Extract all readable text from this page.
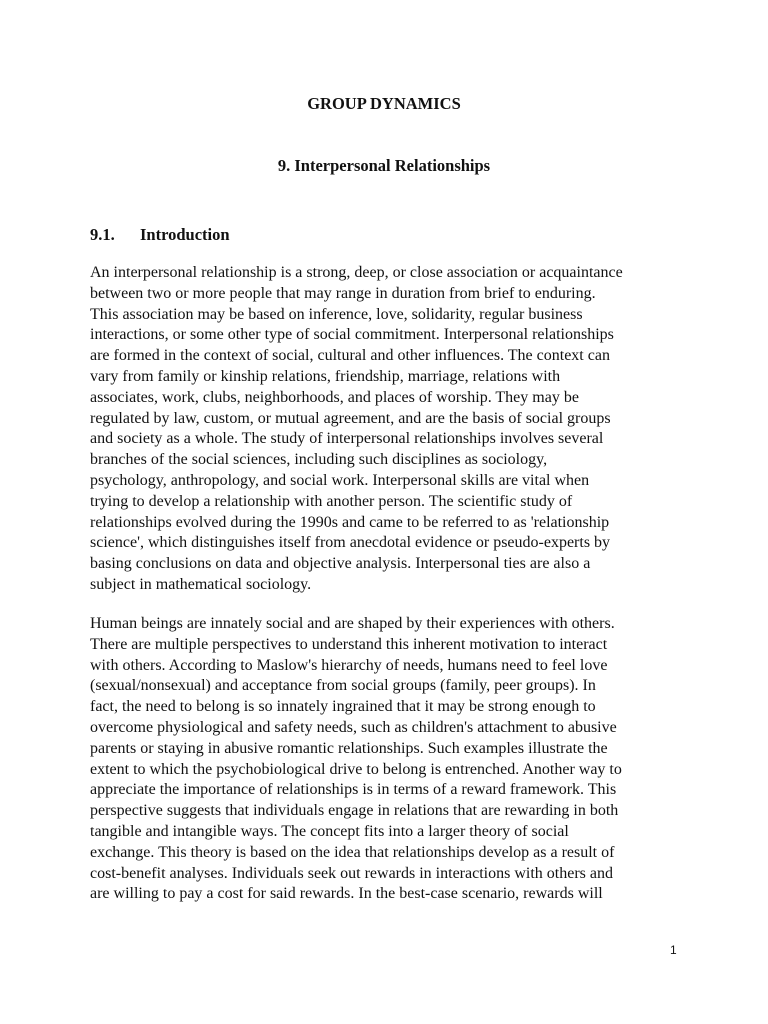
GROUP DYNAMICS
9. Interpersonal Relationships
9.1. Introduction

An interpersonal relationship is a strong, deep, or close association or acquaintance
between two or more people that may range in duration from brief to enduring.
This association may be based on inference, love, solidarity, regular business
interactions, or some other type of social commitment. Interpersonal relationships
are formed in the context of social, cultural and other influences. The context can
vary from family or kinship relations, friendship, marriage, relations with
associates, work, clubs, neighborhoods, and places of worship. They may be
regulated by law, custom, or mutual agreement, and are the basis of social groups
and society as a whole. The study of interpersonal relationships involves several
branches of the social sciences, including such disciplines as sociology,
psychology, anthropology, and social work. Interpersonal skills are vital when
trying to develop a relationship with another person. The scientific study of
relationships evolved during the 1990s and came to be referred to as 'relationship
science', which distinguishes itself from anecdotal evidence or pseudo-experts by
basing conclusions on data and objective analysis. Interpersonal ties are also a
subject in mathematical sociology.

Human beings are innately social and are shaped by their experiences with others.
There are multiple perspectives to understand this inherent motivation to interact
with others. According to Maslow's hierarchy of needs, humans need to feel love
(sexual/nonsexual) and acceptance from social groups (family, peer groups). In
fact, the need to belong is so innately ingrained that it may be strong enough to
overcome physiological and safety needs, such as children's attachment to abusive
parents or staying in abusive romantic relationships. Such examples illustrate the
extent to which the psychobiological drive to belong is entrenched. Another way to
appreciate the importance of relationships is in terms of a reward framework. This
perspective suggests that individuals engage in relations that are rewarding in both
tangible and intangible ways. The concept fits into a larger theory of social
exchange. This theory is based on the idea that relationships develop as a result of
cost-benefit analyses. Individuals seek out rewards in interactions with others and
are willing to pay a cost for said rewards. In the best-case scenario, rewards will

1
